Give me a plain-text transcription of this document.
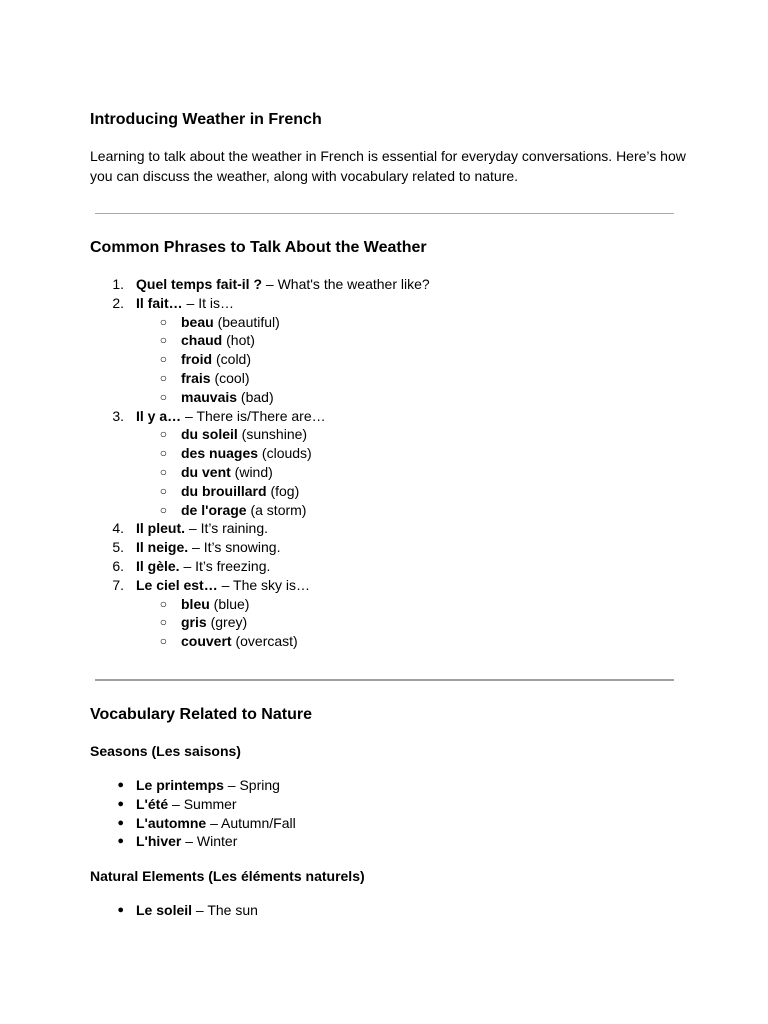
Introducing Weather in French

Learning to talk about the weather in French is essential for everyday conversations. Here’s how you can discuss the weather, along with vocabulary related to nature.

Common Phrases to Talk About the Weather
1. Quel temps fait-il ? – What's the weather like?
2. Il fait… – It is…
○ beau (beautiful)
○ chaud (hot)
○ froid (cold)
○ frais (cool)
○ mauvais (bad)
3. Il y a… – There is/There are…
○ du soleil (sunshine)
○ des nuages (clouds)
○ du vent (wind)
○ du brouillard (fog)
○ de l'orage (a storm)
4. Il pleut. – It’s raining.
5. Il neige. – It’s snowing.
6. Il gèle. – It’s freezing.
7. Le ciel est… – The sky is…
○ bleu (blue)
○ gris (grey)
○ couvert (overcast)
Vocabulary Related to Nature
Seasons (Les saisons)
● Le printemps – Spring
● L'été – Summer
● L'automne – Autumn/Fall
● L'hiver – Winter
Natural Elements (Les éléments naturels)
● Le soleil – The sun
